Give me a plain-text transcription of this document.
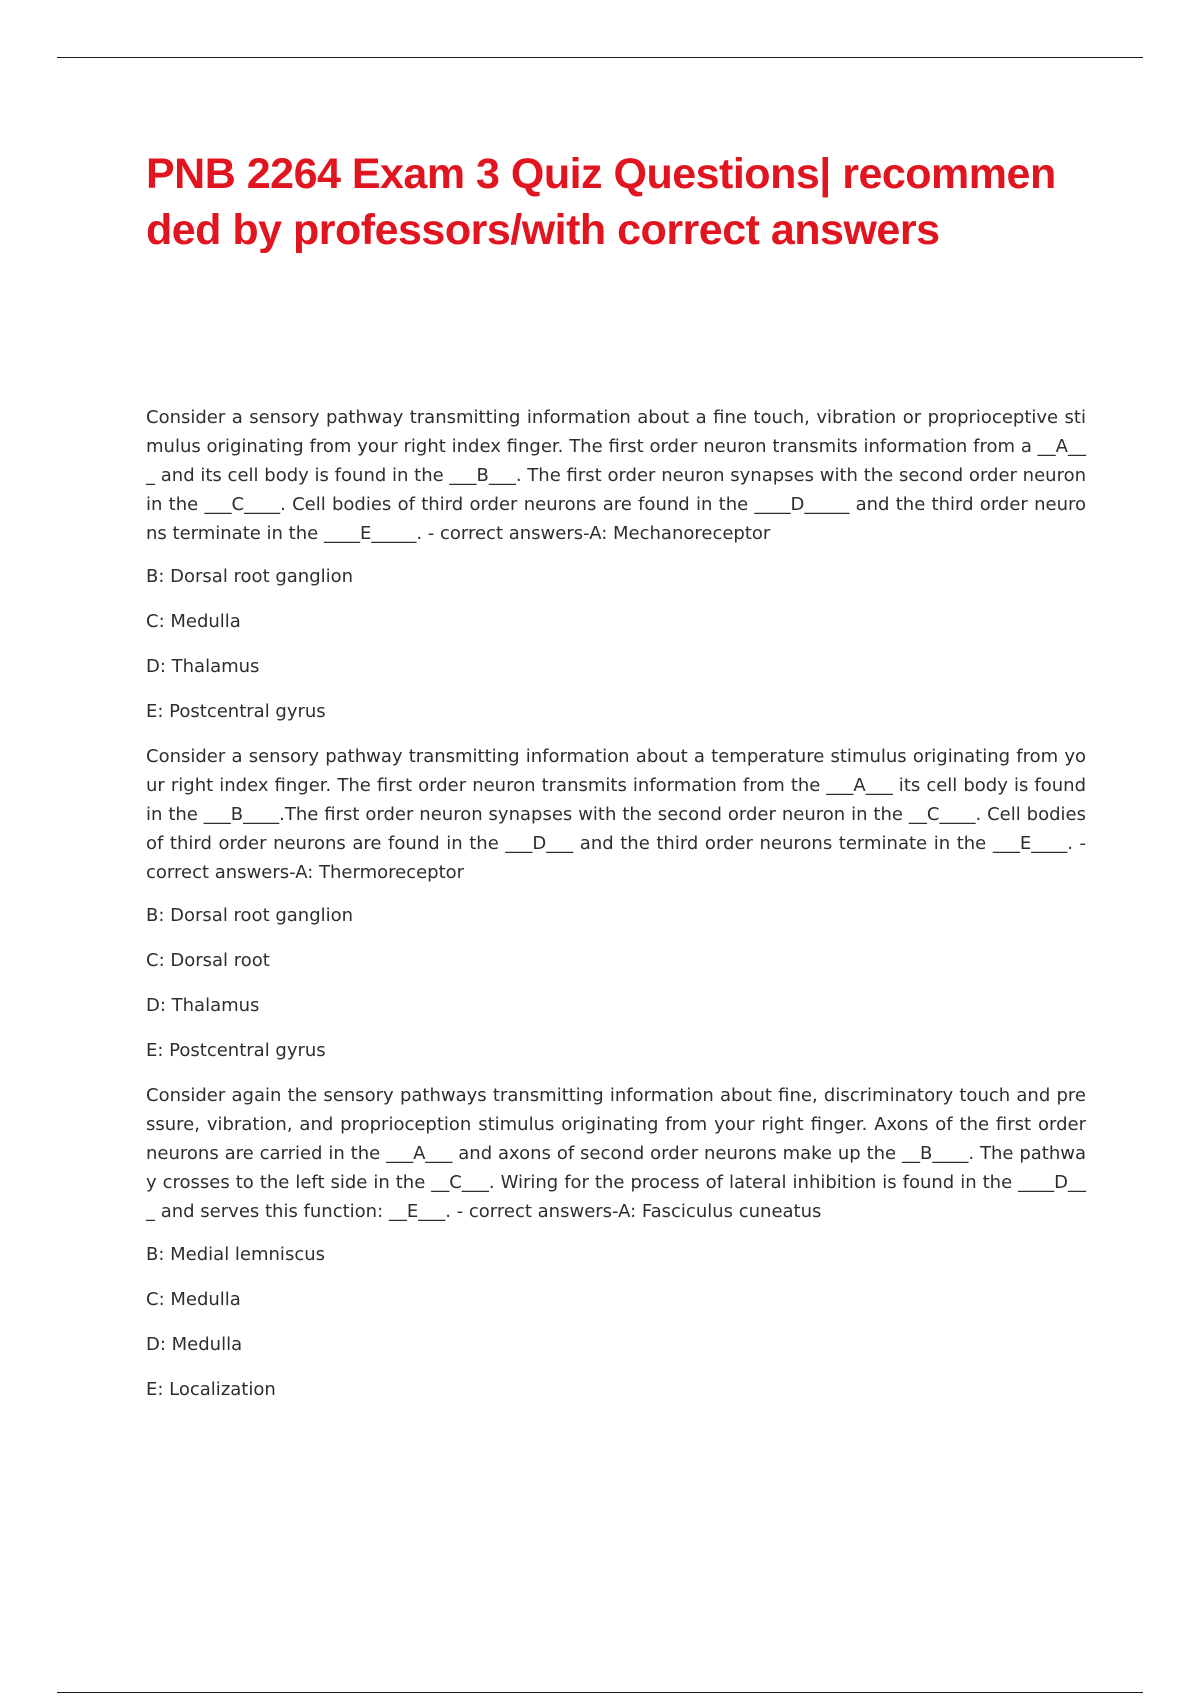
PNB 2264 Exam 3 Quiz Questions| recommended by professors/with correct answers

Consider a sensory pathway transmitting information about a fine touch, vibration or proprioceptive stimulus originating from your right index finger. The first order neuron transmits information from a __A___ and its cell body is found in the ___B___. The first order neuron synapses with the second order neuron in the ___C____. Cell bodies of third order neurons are found in the ____D_____ and the third order neurons terminate in the ____E_____. - correct answers-A: Mechanoreceptor

B: Dorsal root ganglion

C: Medulla

D: Thalamus

E: Postcentral gyrus

Consider a sensory pathway transmitting information about a temperature stimulus originating from your right index finger. The first order neuron transmits information from the ___A___ its cell body is found in the ___B____.The first order neuron synapses with the second order neuron in the __C____. Cell bodies of third order neurons are found in the ___D___ and the third order neurons terminate in the ___E____. - correct answers-A: Thermoreceptor

B: Dorsal root ganglion

C: Dorsal root

D: Thalamus

E: Postcentral gyrus

Consider again the sensory pathways transmitting information about fine, discriminatory touch and pressure, vibration, and proprioception stimulus originating from your right finger. Axons of the first order neurons are carried in the ___A___ and axons of second order neurons make up the __B____. The pathway crosses to the left side in the __C___. Wiring for the process of lateral inhibition is found in the ____D___ and serves this function: __E___. - correct answers-A: Fasciculus cuneatus

B: Medial lemniscus

C: Medulla

D: Medulla

E: Localization
